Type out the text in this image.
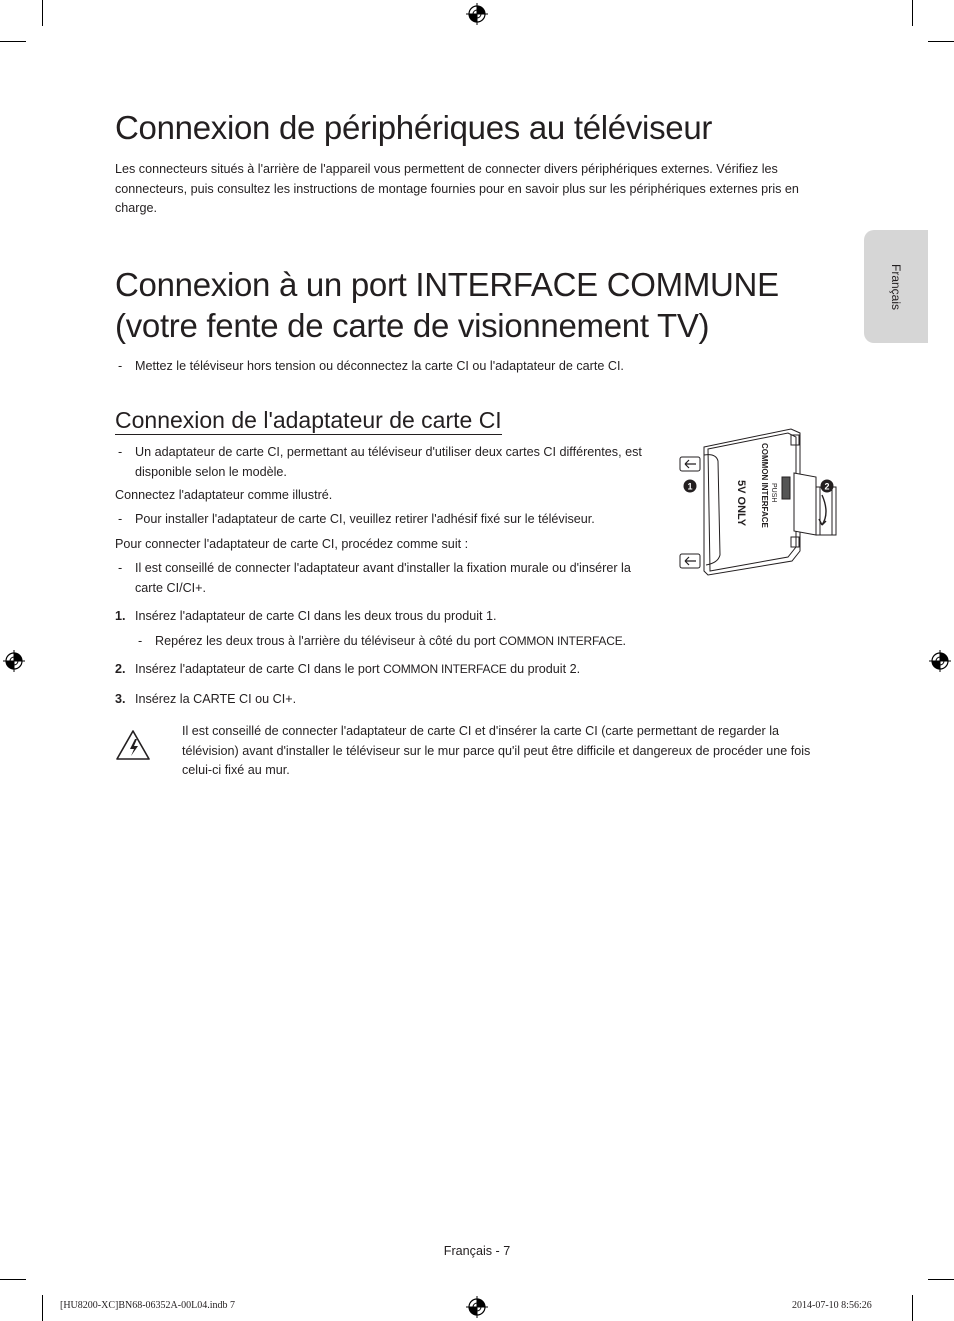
Français
Connexion de périphériques au téléviseur
Les connecteurs situés à l'arrière de l'appareil vous permettent de connecter divers périphériques externes. Vérifiez les connecteurs, puis consultez les instructions de montage fournies pour en savoir plus sur les périphériques externes pris en charge.
Connexion à un port INTERFACE COMMUNE
(votre fente de carte de visionnement TV)
- Mettez le téléviseur hors tension ou déconnectez la carte CI ou l'adaptateur de carte CI.
Connexion de l'adaptateur de carte CI
- Un adaptateur de carte CI, permettant au téléviseur d'utiliser deux cartes CI différentes, est disponible selon le modèle.
Connectez l'adaptateur comme illustré.
- Pour installer l'adaptateur de carte CI, veuillez retirer l'adhésif fixé sur le téléviseur.
Pour connecter l'adaptateur de carte CI, procédez comme suit :
- Il est conseillé de connecter l'adaptateur avant d'installer la fixation murale ou d'insérer la carte CI/CI+.
1. Insérez l'adaptateur de carte CI dans les deux trous du produit 1.
- Repérez les deux trous à l'arrière du téléviseur à côté du port COMMON INTERFACE.
2. Insérez l'adaptateur de carte CI dans le port COMMON INTERFACE du produit 2.
3. Insérez la CARTE CI ou CI+.
Il est conseillé de connecter l'adaptateur de carte CI et d'insérer la carte CI (carte permettant de regarder la télévision) avant d'installer le téléviseur sur le mur parce qu'il peut être difficile et dangereux de procéder une fois celui-ci fixé au mur.
PUSH
COMMON INTERFACE
5V ONLY
1	2
Français - 7
[HU8200-XC]BN68-06352A-00L04.indb 7	2014-07-10 8:56:26
